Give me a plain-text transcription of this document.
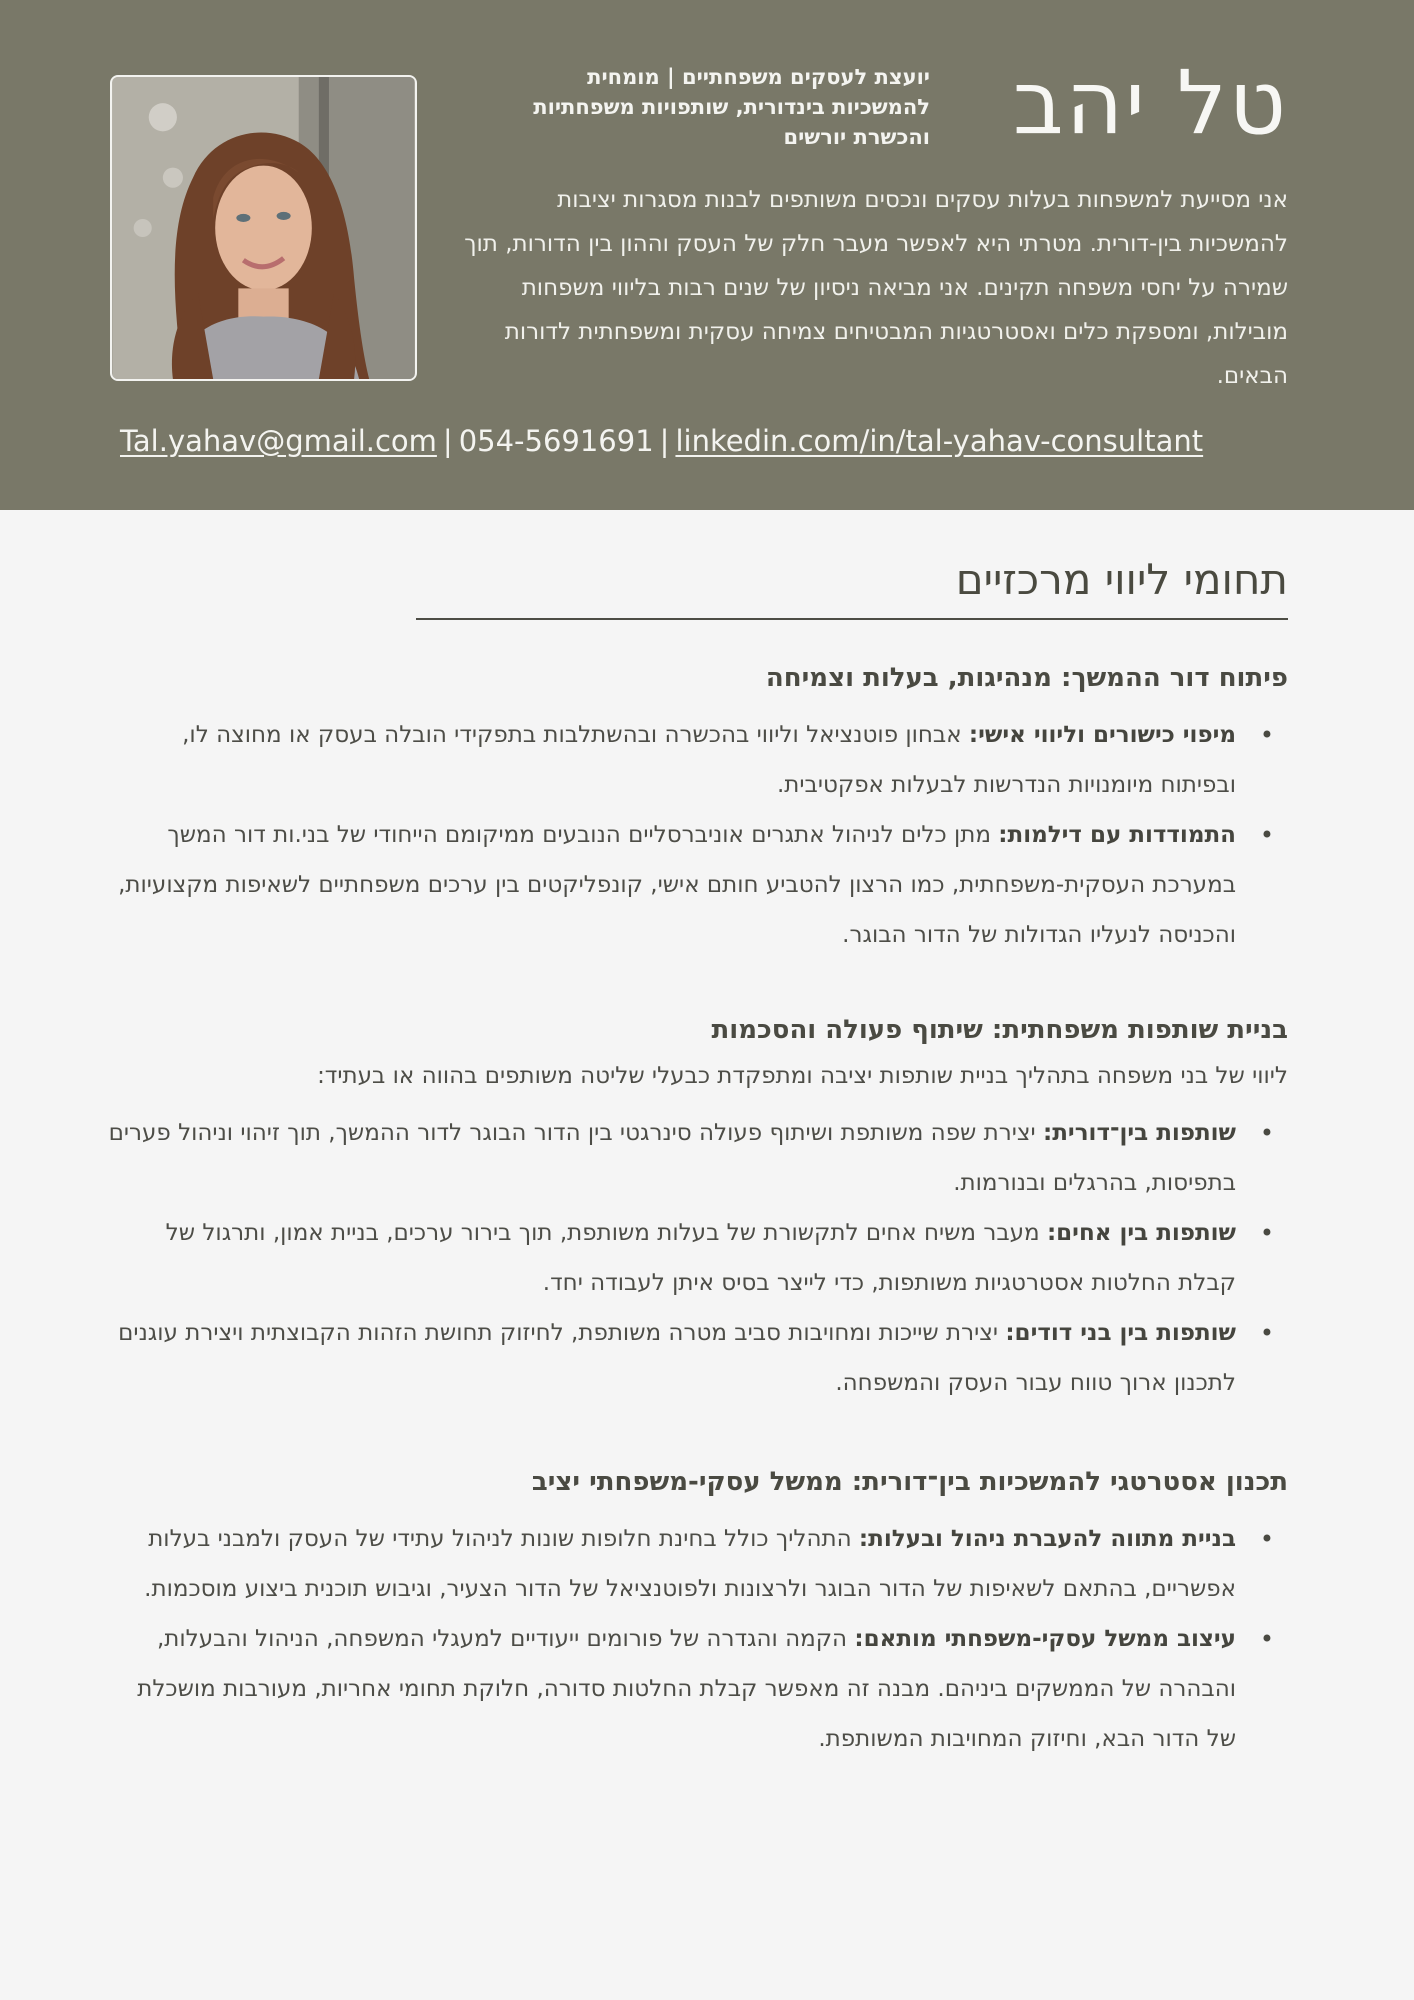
טל יהב
יועצת לעסקים משפחתיים | מומחית להמשכיות בינדורית, שותפויות משפחתיות והכשרת יורשים
אני מסייעת למשפחות בעלות עסקים ונכסים משותפים לבנות מסגרות יציבות להמשכיות בין-דורית. מטרתי היא לאפשר מעבר חלק של העסק וההון בין הדורות, תוך שמירה על יחסי משפחה תקינים. אני מביאה ניסיון של שנים רבות בליווי משפחות מובילות, ומספקת כלים ואסטרטגיות המבטיחים צמיחה עסקית ומשפחתית לדורות הבאים.
Tal.yahav@gmail.com | 054-5691691 | linkedin.com/in/tal-yahav-consultant
תחומי ליווי מרכזיים
פיתוח דור ההמשך: מנהיגות, בעלות וצמיחה
• מיפוי כישורים וליווי אישי: אבחון פוטנציאל וליווי בהכשרה ובהשתלבות בתפקידי הובלה בעסק או מחוצה לו, ובפיתוח מיומנויות הנדרשות לבעלות אפקטיבית.
• התמודדות עם דילמות: מתן כלים לניהול אתגרים אוניברסליים הנובעים ממיקומם הייחודי של בני.ות דור המשך במערכת העסקית-משפחתית, כמו הרצון להטביע חותם אישי, קונפליקטים בין ערכים משפחתיים לשאיפות מקצועיות, והכניסה לנעליו הגדולות של הדור הבוגר.
בניית שותפות משפחתית: שיתוף פעולה והסכמות
ליווי של בני משפחה בתהליך בניית שותפות יציבה ומתפקדת כבעלי שליטה משותפים בהווה או בעתיד:
• שותפות בין־דורית: יצירת שפה משותפת ושיתוף פעולה סינרגטי בין הדור הבוגר לדור ההמשך, תוך זיהוי וניהול פערים בתפיסות, בהרגלים ובנורמות.
• שותפות בין אחים: מעבר משיח אחים לתקשורת של בעלות משותפת, תוך בירור ערכים, בניית אמון, ותרגול של קבלת החלטות אסטרטגיות משותפות, כדי לייצר בסיס איתן לעבודה יחד.
• שותפות בין בני דודים: יצירת שייכות ומחויבות סביב מטרה משותפת, לחיזוק תחושת הזהות הקבוצתית ויצירת עוגנים לתכנון ארוך טווח עבור העסק והמשפחה.
תכנון אסטרטגי להמשכיות בין־דורית: ממשל עסקי-משפחתי יציב
• בניית מתווה להעברת ניהול ובעלות: התהליך כולל בחינת חלופות שונות לניהול עתידי של העסק ולמבני בעלות אפשריים, בהתאם לשאיפות של הדור הבוגר ולרצונות ולפוטנציאל של הדור הצעיר, וגיבוש תוכנית ביצוע מוסכמות.
• עיצוב ממשל עסקי-משפחתי מותאם: הקמה והגדרה של פורומים ייעודיים למעגלי המשפחה, הניהול והבעלות, והבהרה של הממשקים ביניהם. מבנה זה מאפשר קבלת החלטות סדורה, חלוקת תחומי אחריות, מעורבות מושכלת של הדור הבא, וחיזוק המחויבות המשותפת.
